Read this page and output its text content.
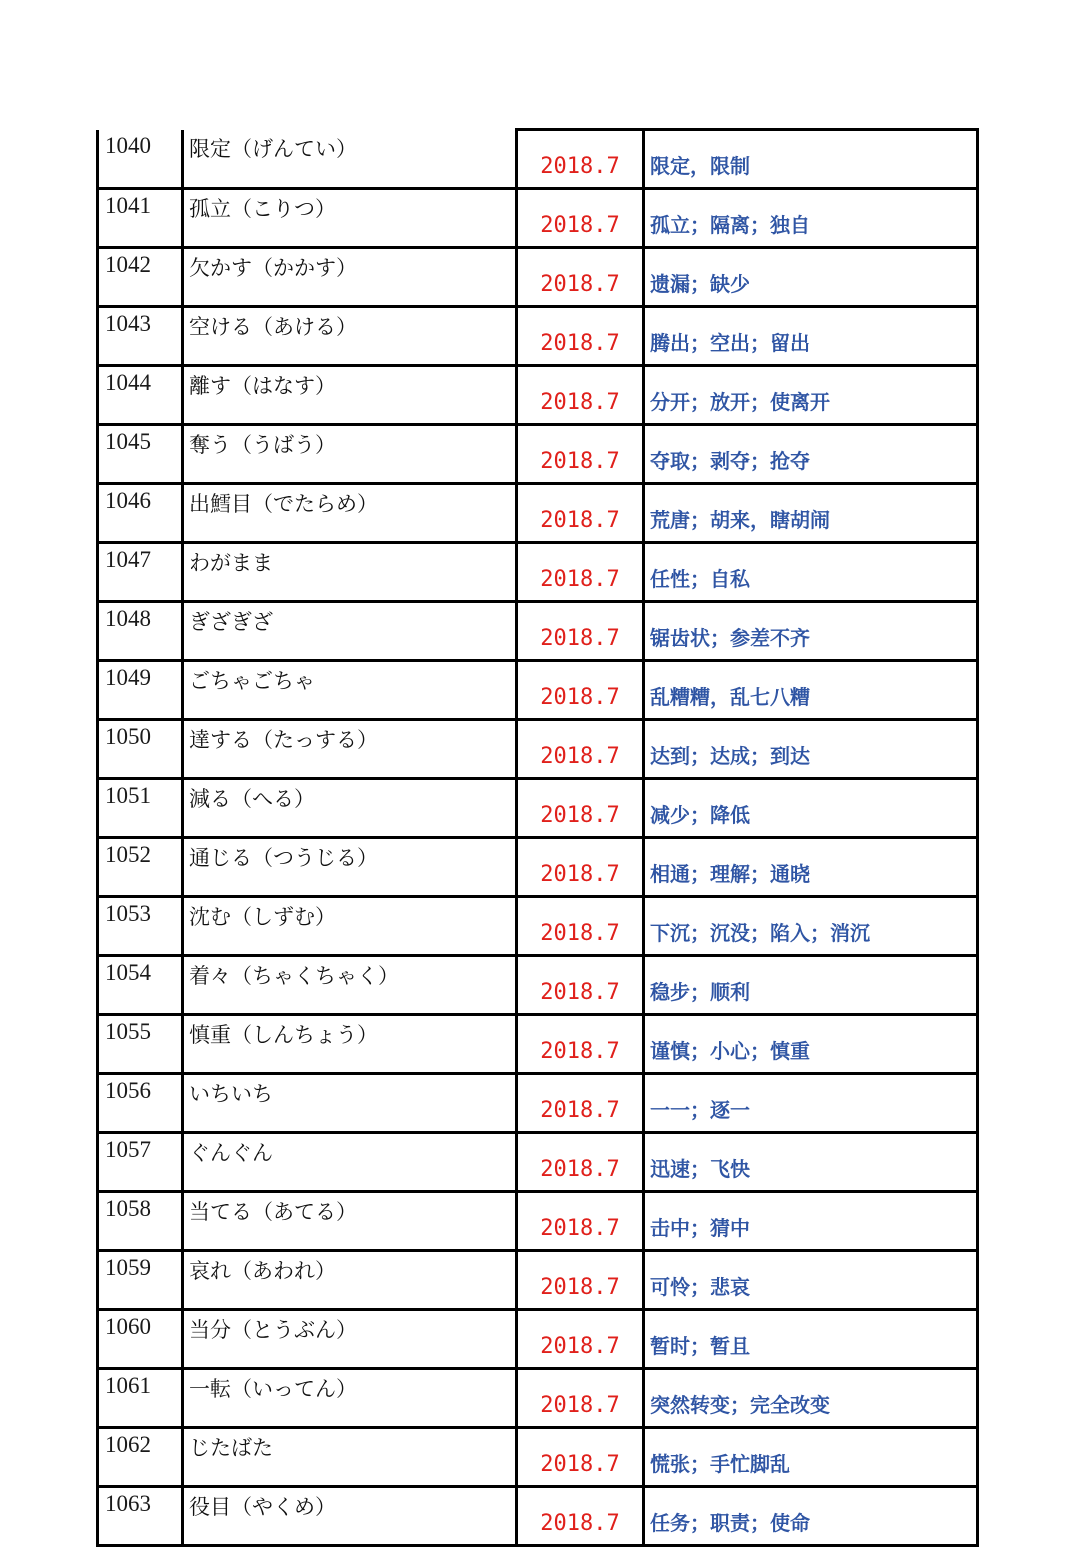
1040	限定（げんてい）	2018.7	限定，限制
1041	孤立（こりつ）	2018.7	孤立；隔离；独自
1042	欠かす（かかす）	2018.7	遗漏；缺少
1043	空ける（あける）	2018.7	腾出；空出；留出
1044	離す（はなす）	2018.7	分开；放开；使离开
1045	奪う（うばう）	2018.7	夺取；剥夺；抢夺
1046	出鱈目（でたらめ）	2018.7	荒唐；胡来，瞎胡闹
1047	わがまま	2018.7	任性；自私
1048	ぎざぎざ	2018.7	锯齿状；参差不齐
1049	ごちゃごちゃ	2018.7	乱糟糟，乱七八糟
1050	達する（たっする）	2018.7	达到；达成；到达
1051	減る（へる）	2018.7	减少；降低
1052	通じる（つうじる）	2018.7	相通；理解；通晓
1053	沈む（しずむ）	2018.7	下沉；沉没；陷入；消沉
1054	着々（ちゃくちゃく）	2018.7	稳步；顺利
1055	慎重（しんちょう）	2018.7	谨慎；小心；慎重
1056	いちいち	2018.7	一一；逐一
1057	ぐんぐん	2018.7	迅速；飞快
1058	当てる（あてる）	2018.7	击中；猜中
1059	哀れ（あわれ）	2018.7	可怜；悲哀
1060	当分（とうぶん）	2018.7	暂时；暂且
1061	一転（いってん）	2018.7	突然转变；完全改变
1062	じたばた	2018.7	慌张；手忙脚乱
1063	役目（やくめ）	2018.7	任务；职责；使命
